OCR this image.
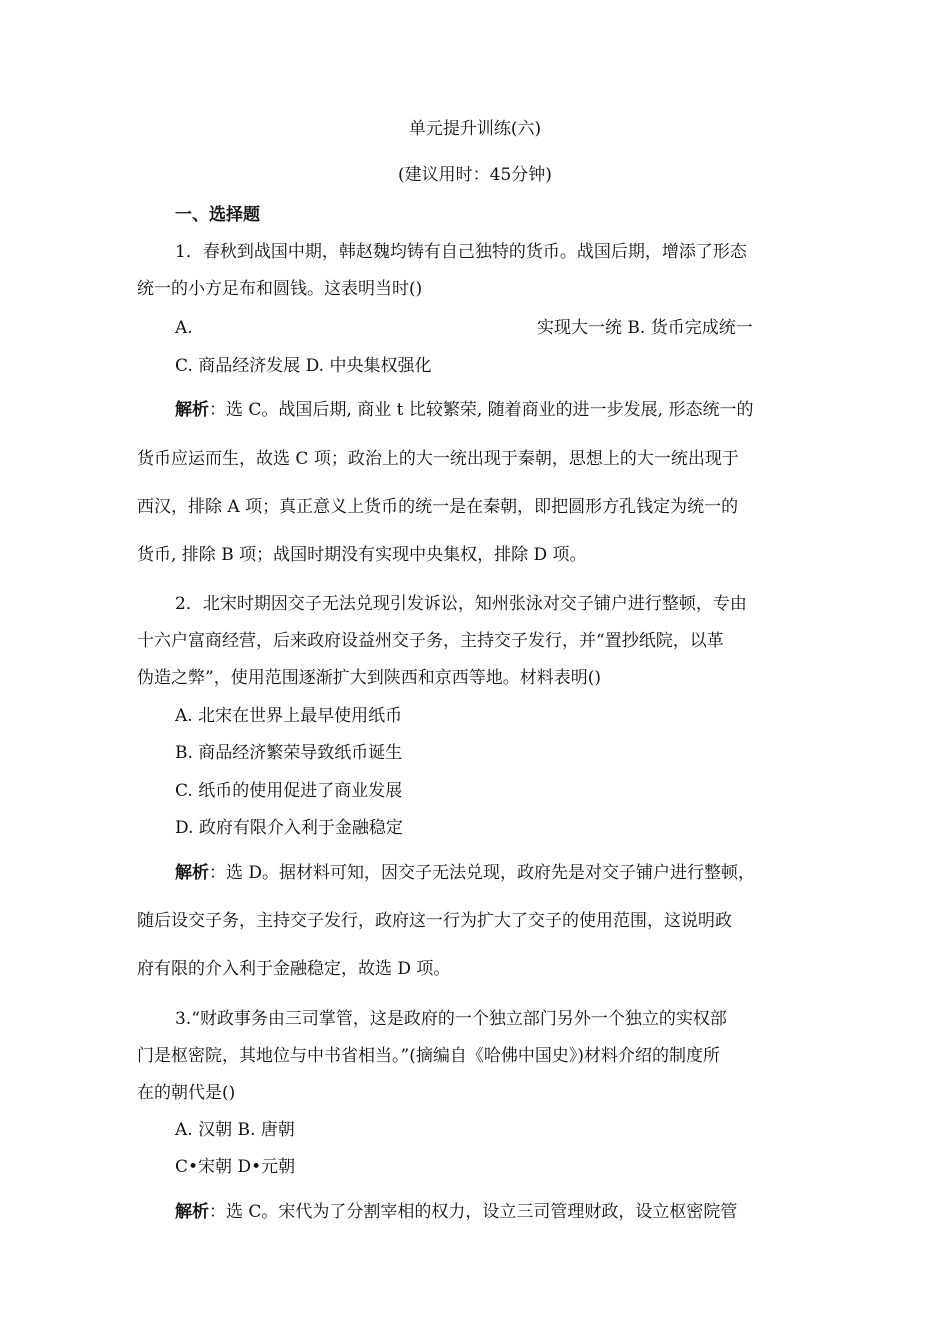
单元提升训练(六)
(建议用时：45分钟)
一、选择题
1．春秋到战国中期，韩赵魏均铸有自己独特的货币。战国后期，增添了形态
统一的小方足布和圆钱。这表明当时()
A.	实现大一统 B. 货币完成统一
C. 商品经济发展 D. 中央集权强化
解析：选 C。战国后期, 商业 t 比较繁荣, 随着商业的进一步发展, 形态统一的
货币应运而生，故选 C 项；政治上的大一统出现于秦朝，思想上的大一统出现于
西汉，排除 A 项；真正意义上货币的统一是在秦朝，即把圆形方孔钱定为统一的
货币, 排除 B 项；战国时期没有实现中央集权，排除 D 项。
2．北宋时期因交子无法兑现引发诉讼，知州张泳对交子铺户进行整顿，专由
十六户富商经营，后来政府设益州交子务，主持交子发行，并“置抄纸院，以革
伪造之弊”，使用范围逐渐扩大到陕西和京西等地。材料表明()
A. 北宋在世界上最早使用纸币
B. 商品经济繁荣导致纸币诞生
C. 纸币的使用促进了商业发展
D. 政府有限介入利于金融稳定
解析：选 D。据材料可知，因交子无法兑现，政府先是对交子铺户进行整顿，
随后设交子务，主持交子发行，政府这一行为扩大了交子的使用范围，这说明政
府有限的介入利于金融稳定，故选 D 项。
3.“财政事务由三司掌管，这是政府的一个独立部门另外一个独立的实权部
门是枢密院，其地位与中书省相当。”(摘编自《哈佛中国史》)材料介绍的制度所
在的朝代是()
A. 汉朝 B. 唐朝
C•宋朝 D•元朝
解析：选 C。宋代为了分割宰相的权力，设立三司管理财政，设立枢密院管
